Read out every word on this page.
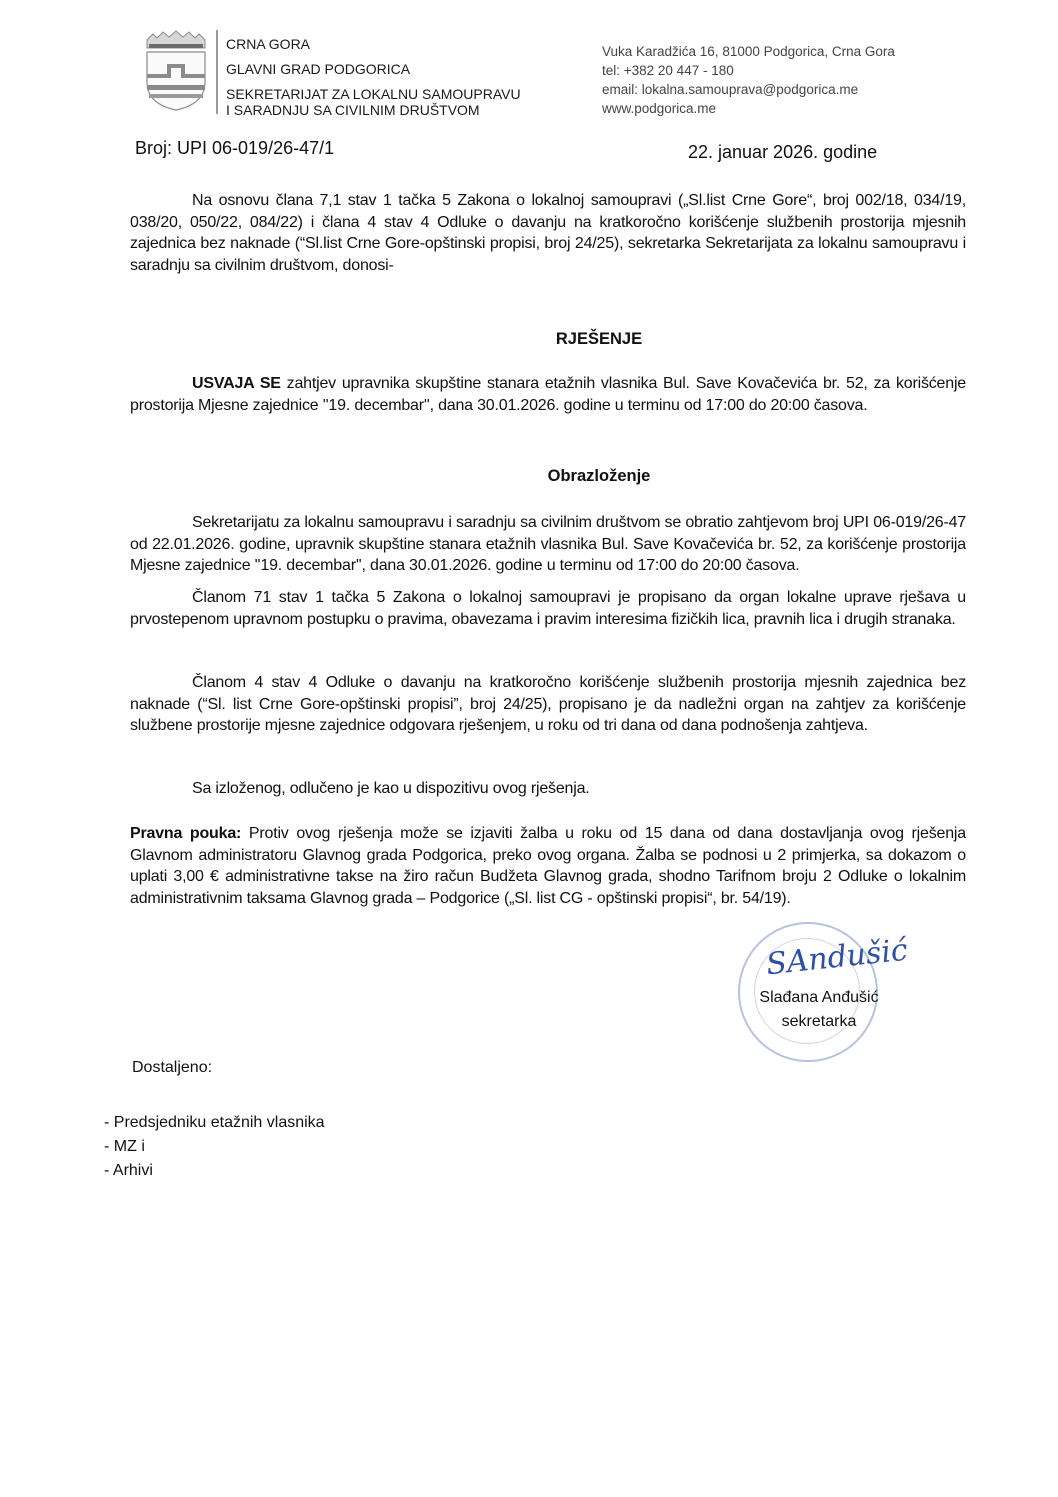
CRNA GORA
GLAVNI GRAD PODGORICA
SEKRETARIJAT ZA LOKALNU SAMOUPRAVU
I SARADNJU SA CIVILNIM DRUŠTVOM
Vuka Karadžića 16, 81000 Podgorica, Crna Gora
tel: +382 20 447 - 180
email: lokalna.samouprava@podgorica.me
www.podgorica.me
Broj: UPI 06-019/26-47/1	22. januar 2026. godine
Na osnovu člana 7,1 stav 1 tačka 5 Zakona o lokalnoj samoupravi („Sl.list Crne Gore“, broj 002/18, 034/19, 038/20, 050/22, 084/22) i člana 4 stav 4 Odluke o davanju na kratkoročno korišćenje službenih prostorija mjesnih zajednica bez naknade (“Sl.list Crne Gore-opštinski propisi, broj 24/25), sekretarka Sekretarijata za lokalnu samoupravu i saradnju sa civilnim društvom, donosi-
RJEŠENJE
USVAJA SE zahtjev upravnika skupštine stanara etažnih vlasnika Bul. Save Kovačevića br. 52, za korišćenje prostorija Mjesne zajednice ''19. decembar'', dana 30.01.2026. godine u terminu od 17:00 do 20:00 časova.
Obrazloženje
Sekretarijatu za lokalnu samoupravu i saradnju sa civilnim društvom se obratio zahtjevom broj UPI 06-019/26-47 od 22.01.2026. godine, upravnik skupštine stanara etažnih vlasnika Bul. Save Kovačevića br. 52, za korišćenje prostorija Mjesne zajednice ''19. decembar'', dana 30.01.2026. godine u terminu od 17:00 do 20:00 časova.
Članom 71 stav 1 tačka 5 Zakona o lokalnoj samoupravi je propisano da organ lokalne uprave rješava u prvostepenom upravnom postupku o pravima, obavezama i pravim interesima fizičkih lica, pravnih lica i drugih stranaka.
Članom 4 stav 4 Odluke o davanju na kratkoročno korišćenje službenih prostorija mjesnih zajednica bez naknade (“Sl. list Crne Gore-opštinski propisi”, broj 24/25), propisano je da nadležni organ na zahtjev za korišćenje službene prostorije mjesne zajednice odgovara rješenjem, u roku od tri dana od dana podnošenja zahtjeva.
Sa izloženog, odlučeno je kao u dispozitivu ovog rješenja.
Pravna pouka: Protiv ovog rješenja može se izjaviti žalba u roku od 15 dana od dana dostavljanja ovog rješenja Glavnom administratoru Glavnog grada Podgorica, preko ovog organa. Žalba se podnosi u 2 primjerka, sa dokazom o uplati 3,00 € administrativne takse na žiro račun Budžeta Glavnog grada, shodno Tarifnom broju 2 Odluke o lokalnim administrativnim taksama Glavnog grada – Podgorice („Sl. list CG - opštinski propisi“, br. 54/19).
SAndušić
Slađana Anđušić
sekretarka
Dostaljeno:
- Predsjedniku etažnih vlasnika
- MZ i
- Arhivi
